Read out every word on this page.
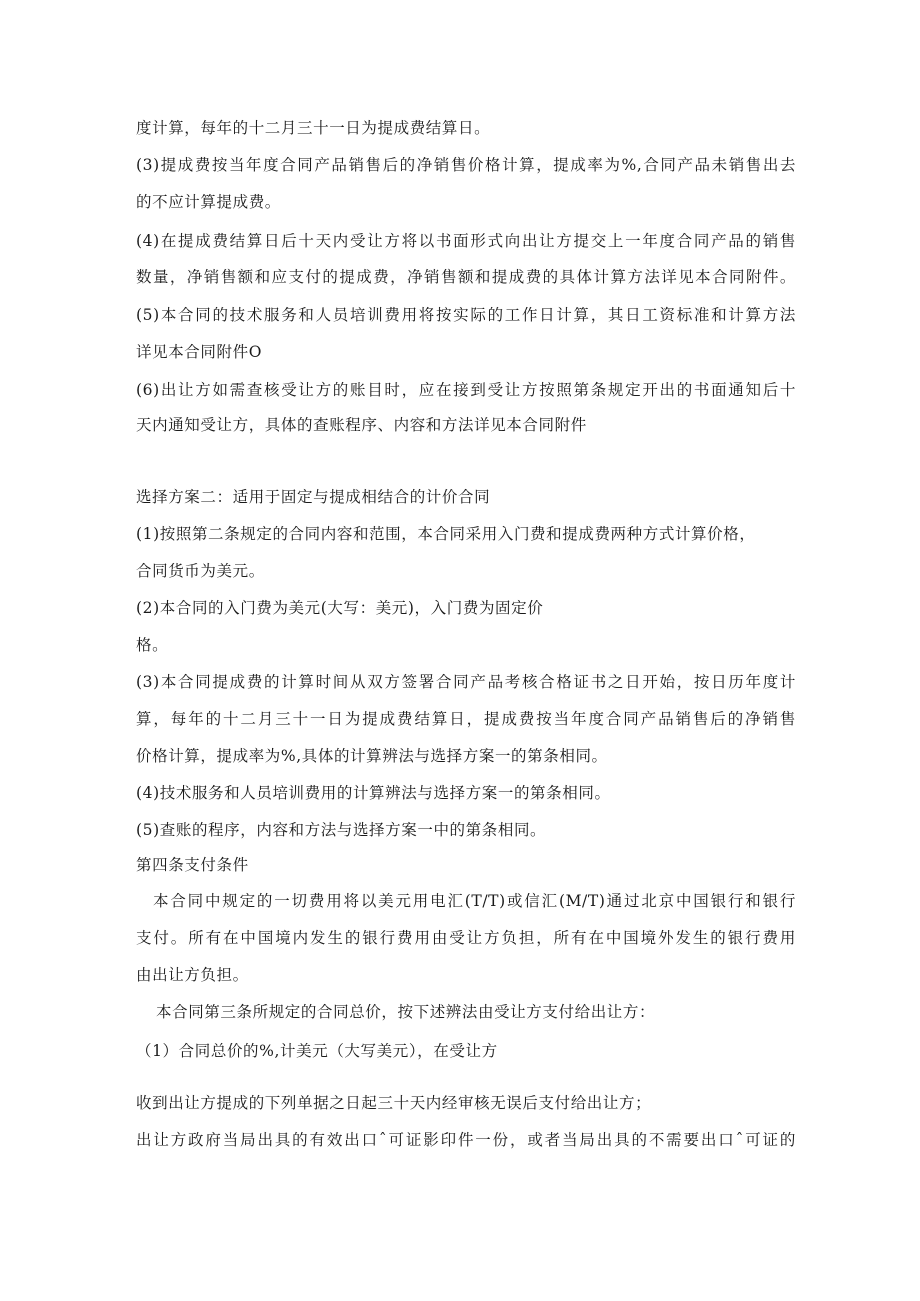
度计算，每年的十二月三十一日为提成费结算日。
(3)提成费按当年度合同产品销售后的净销售价格计算，提成率为%,合同产品未销售出去
的不应计算提成费。
(4)在提成费结算日后十天内受让方将以书面形式向出让方提交上一年度合同产品的销售
数量，净销售额和应支付的提成费，净销售额和提成费的具体计算方法详见本合同附件。
(5)本合同的技术服务和人员培训费用将按实际的工作日计算，其日工资标准和计算方法
详见本合同附件O
(6)出让方如需查核受让方的账目时，应在接到受让方按照第条规定开出的书面通知后十
天内通知受让方，具体的查账程序、内容和方法详见本合同附件
选择方案二：适用于固定与提成相结合的计价合同
(1)按照第二条规定的合同内容和范围，本合同采用入门费和提成费两种方式计算价格，
合同货币为美元。
(2)本合同的入门费为美元(大写：美元)，入门费为固定价
格。
(3)本合同提成费的计算时间从双方签署合同产品考核合格证书之日开始，按日历年度计
算，每年的十二月三十一日为提成费结算日，提成费按当年度合同产品销售后的净销售
价格计算，提成率为%,具体的计算辨法与选择方案一的第条相同。
(4)技术服务和人员培训费用的计算辨法与选择方案一的第条相同。
(5)查账的程序，内容和方法与选择方案一中的第条相同。
第四条支付条件
本合同中规定的一切费用将以美元用电汇(T/T)或信汇(M/T)通过北京中国银行和银行
支付。所有在中国境内发生的银行费用由受让方负担，所有在中国境外发生的银行费用
由出让方负担。
本合同第三条所规定的合同总价，按下述辨法由受让方支付给出让方：
（1）合同总价的%,计美元（大写美元），在受让方
收到出让方提成的下列单据之日起三十天内经审核无误后支付给出让方；
出让方政府当局出具的有效出口ˆ可证影印件一份，或者当局出具的不需要出口ˆ可证的
